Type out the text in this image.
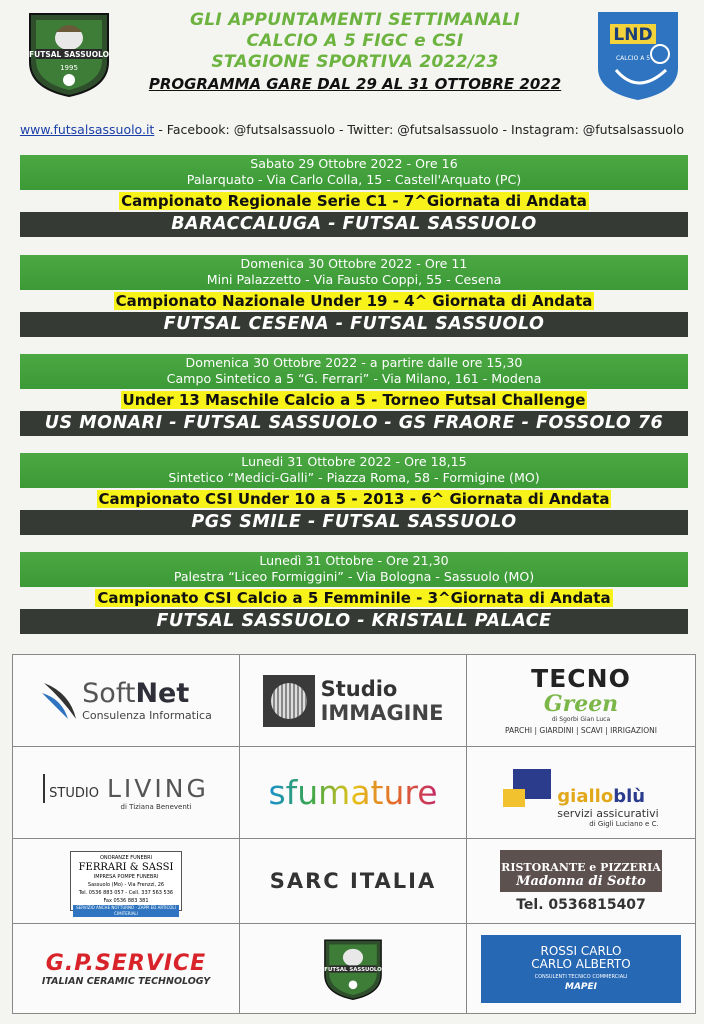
FUTSAL SASSUOLO
1995
GLI APPUNTAMENTI SETTIMANALI
CALCIO A 5 FIGC e CSI
STAGIONE SPORTIVA 2022/23
PROGRAMMA GARE DAL 29 AL 31 OTTOBRE 2022
LND
CALCIO A 5
www.futsalsassuolo.it - Facebook: @futsalsassuolo - Twitter: @futsalsassuolo - Instagram: @futsalsassuolo
Sabato 29 Ottobre 2022 - Ore 16
Palarquato - Via Carlo Colla, 15 - Castell'Arquato (PC)
Campionato Regionale Serie C1 - 7^Giornata di Andata
BARACCALUGA - FUTSAL SASSUOLO
Domenica 30 Ottobre 2022 - Ore 11
Mini Palazzetto - Via Fausto Coppi, 55 - Cesena
Campionato Nazionale Under 19 - 4^ Giornata di Andata
FUTSAL CESENA - FUTSAL SASSUOLO
Domenica 30 Ottobre 2022 - a partire dalle ore 15,30
Campo Sintetico a 5 “G. Ferrari” - Via Milano, 161 - Modena
Under 13 Maschile Calcio a 5 - Torneo Futsal Challenge
US MONARI - FUTSAL SASSUOLO - GS FRAORE - FOSSOLO 76
Lunedi 31 Ottobre 2022 - Ore 18,15
Sintetico “Medici-Galli” - Piazza Roma, 58 - Formigine (MO)
Campionato CSI Under 10 a 5 - 2013 - 6^ Giornata di Andata
PGS SMILE - FUTSAL SASSUOLO
Lunedì 31 Ottobre - Ore 21,30
Palestra “Liceo Formiggini” - Via Bologna - Sassuolo (MO)
Campionato CSI Calcio a 5 Femminile - 3^Giornata di Andata
FUTSAL SASSUOLO - KRISTALL PALACE
SoftNet
Consulenza Informatica
Studio
IMMAGINE
TECNO
Green
di Sgorbi Gian Luca
PARCHI | GIARDINI | SCAVI | IRRIGAZIONI
STUDIO LIVING
di Tiziana Beneventi sfumature	gialloblù
servizi assicurativi
di Gigli Luciano e C.
ONORANZE FUNEBRI
FERRARI & SASSI
IMPRESA POMPE FUNEBRI
Sassuolo (Mo) - Via Frenzzi, 26
Tel. 0536 883 057 - Cell. 337 563 536
Fax 0536 883 381
SERVIZIO ANCHE NOTTURNO · ZAPPI ED ARTICOLI CIMITERIALI
SARC ITALIA
RISTORANTE e PIZZERIA
Madonna di Sotto
Tel. 0536815407
G.P.SERVICE
ITALIAN CERAMIC TECHNOLOGY
FUTSAL SASSUOLO
ROSSI CARLO
CARLO ALBERTO
CONSULENTI TECNICO COMMERCIALI
MAPEI
